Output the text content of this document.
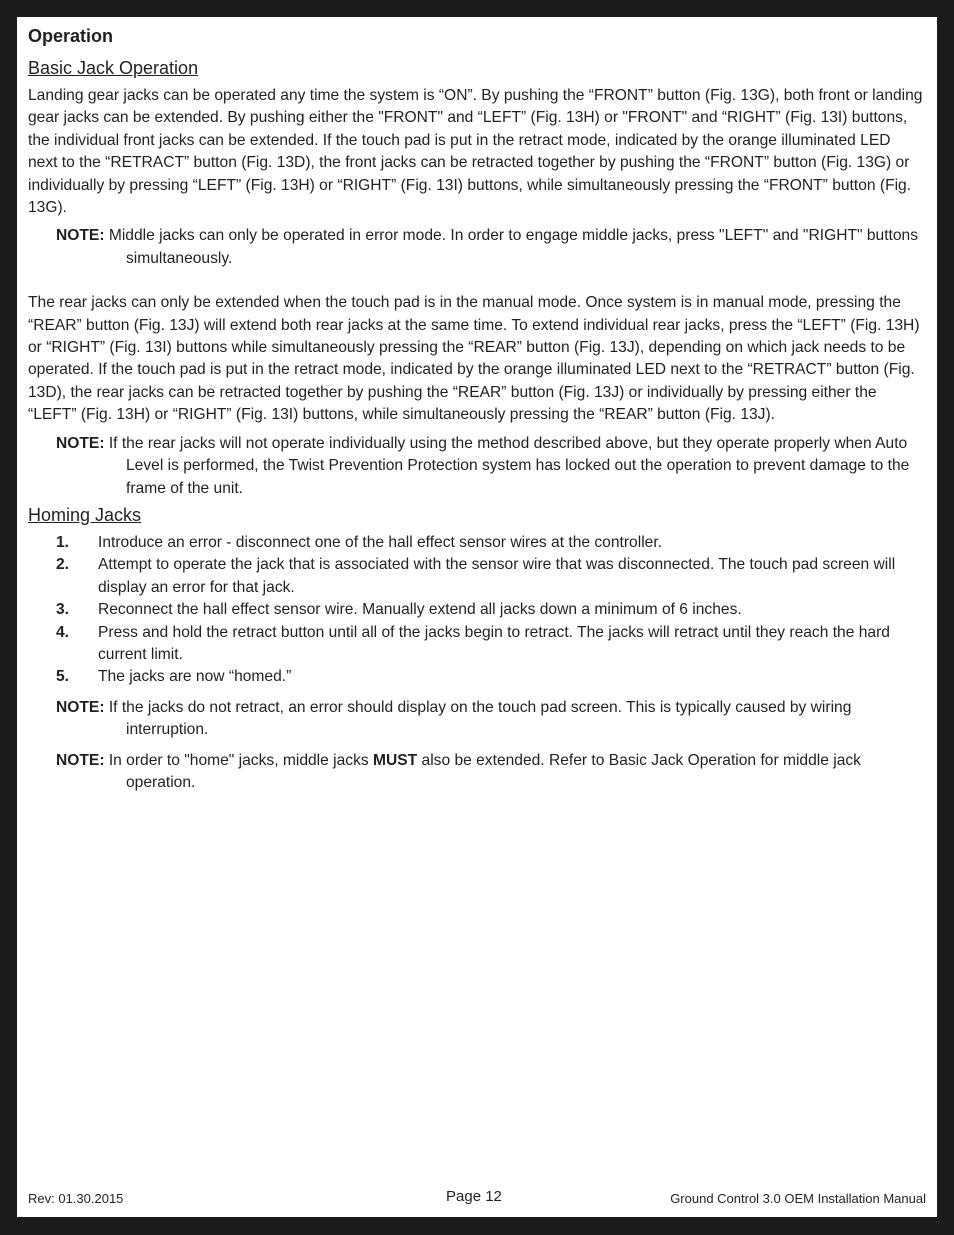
Operation
Basic Jack Operation

Landing gear jacks can be operated any time the system is “ON”. By pushing the “FRONT” button (Fig. 13G), both front or landing gear jacks can be extended. By pushing either the "FRONT" and “LEFT” (Fig. 13H) or "FRONT" and “RIGHT” (Fig. 13I) buttons, the individual front jacks can be extended. If the touch pad is put in the retract mode, indicated by the orange illuminated LED next to the “RETRACT” button (Fig. 13D), the front jacks can be retracted together by pushing the “FRONT” button (Fig. 13G) or individually by pressing “LEFT” (Fig. 13H) or “RIGHT” (Fig. 13I) buttons, while simultaneously pressing the “FRONT” button (Fig. 13G).

NOTE: Middle jacks can only be operated in error mode. In order to engage middle jacks, press "LEFT" and "RIGHT" buttons simultaneously.

The rear jacks can only be extended when the touch pad is in the manual mode. Once system is in manual mode, pressing the “REAR” button (Fig. 13J) will extend both rear jacks at the same time. To extend individual rear jacks, press the “LEFT” (Fig. 13H) or “RIGHT” (Fig. 13I) buttons while simultaneously pressing the “REAR” button (Fig. 13J), depending on which jack needs to be operated. If the touch pad is put in the retract mode, indicated by the orange illuminated LED next to the “RETRACT” button (Fig. 13D), the rear jacks can be retracted together by pushing the “REAR” button (Fig. 13J) or individually by pressing either the “LEFT” (Fig. 13H) or “RIGHT” (Fig. 13I) buttons, while simultaneously pressing the “REAR” button (Fig. 13J).

NOTE: If the rear jacks will not operate individually using the method described above, but they operate properly when Auto Level is performed, the Twist Prevention Protection system has locked out the operation to prevent damage to the frame of the unit.
Homing Jacks
1. Introduce an error - disconnect one of the hall effect sensor wires at the controller.
2. Attempt to operate the jack that is associated with the sensor wire that was disconnected. The touch pad screen will display an error for that jack.
3. Reconnect the hall effect sensor wire. Manually extend all jacks down a minimum of 6 inches.
4. Press and hold the retract button until all of the jacks begin to retract. The jacks will retract until they reach the hard current limit.
5. The jacks are now “homed.”
NOTE: If the jacks do not retract, an error should display on the touch pad screen. This is typically caused by wiring interruption.
NOTE: In order to "home" jacks, middle jacks MUST also be extended. Refer to Basic Jack Operation for middle jack operation.
Rev: 01.30.2015	Page 12	Ground Control 3.0 OEM Installation Manual
